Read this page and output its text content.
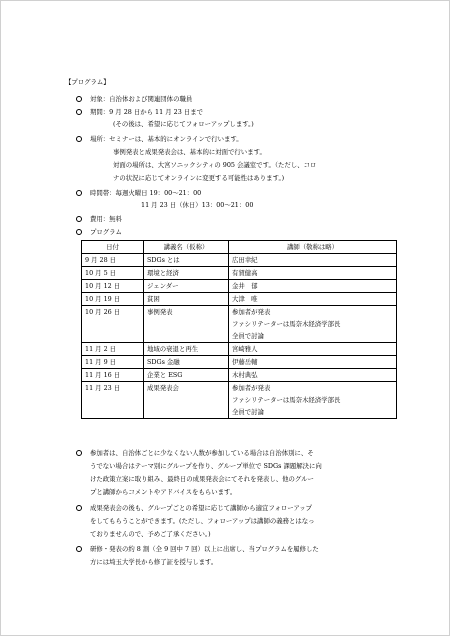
【プログラム】
対象：自治体および関連団体の職員
期間：9 月 28 日から 11 月 23 日まで
(その後は、希望に応じてフォローアップします。)
場所：セミナーは、基本的にオンラインで行います。
事例発表と成果発表会は、基本的に対面で行います。
対面の場所は、大宮ソニックシティの 905 会議室です。（ただし、コロ
ナの状況に応じてオンラインに変更する可能性はあります。)
時間帯：毎週火曜日 19：00～21：00
11 月 23 日（休日）13：00～21：00
費用：無料
プログラム
日付	講義名（仮称）	講師（敬称は略）
9 月 28 日	SDGs とは	広田幸紀

10 月 5 日	環境と経済	有賀健高

10 月 12 日	ジェンダー	金井　郁

10 月 19 日	貧困	大津　唯

10 月 26 日	事例発表	参加者が発表
ファシリテーターは馬奈木経済学部長
全員で討論

11 月 2 日	地域の衰退と再生	宮崎雅人

11 月 9 日	SDGs 金融	伊藤岳輔

11 月 16 日	企業と ESG	木村典弘

11 月 23 日	成果発表会	参加者が発表
ファシリテーターは馬奈木経済学部長
全員で討論
参加者は、自治体ごとに少なくない人数が参加している場合は自治体別に、そ
うでない場合はテーマ別にグループを作り、グループ単位で SDGs 課題解決に向
けた政策立案に取り組み、最終日の成果発表会にてそれを発表し、他のグルー
プと講師からコメントやアドバイスをもらいます。
成果発表会の後も、グループごとの希望に応じて講師から適宜フォローアップ
をしてもらうことができます。(ただし、フォローアップは講師の義務とはなっ
ておりませんので、予めご了承ください。)
研修・発表の約 8 割（全 9 回中 7 回）以上に出席し、当プログラムを履修した
方には埼玉大学長から修了証を授与します。
